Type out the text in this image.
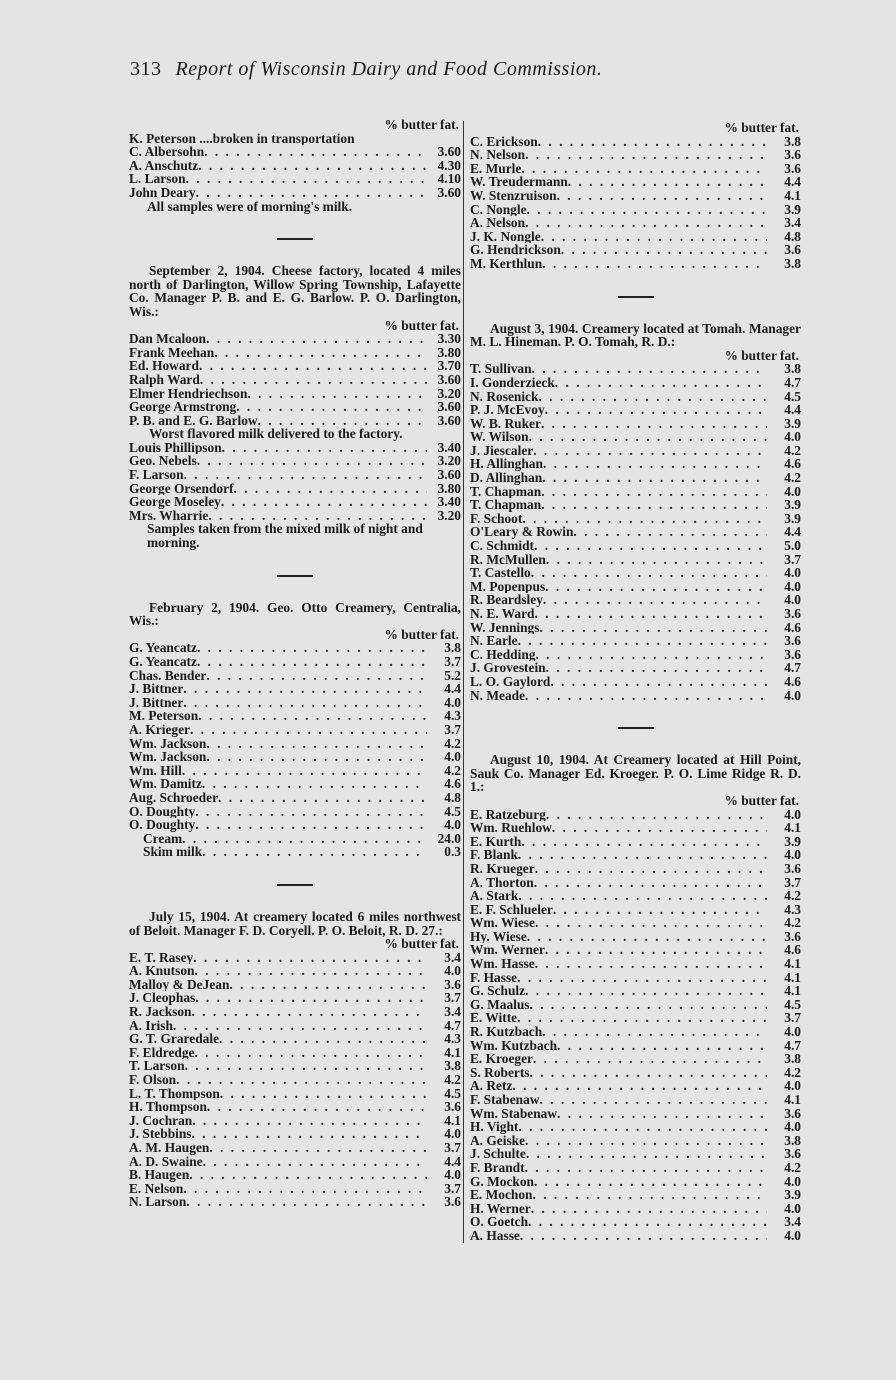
313 Report of Wisconsin Dairy and Food Commission.
% butter fat.
K. Peterson ....broken in transportation
C. Albersohn . . .	3.60
A. Anschutz . . .	4.30
L. Larson . . .	4.10
John Deary . . .	3.60
All samples were of morning's milk.

September 2, 1904. Cheese factory, located 4 miles north of Darlington, Willow Spring Township, Lafayette Co. Manager P. B. and E. G. Barlow. P. O. Darlington, Wis.:

% butter fat.
Dan Mcaloon . . .	3.30
Frank Meehan . . .	3.80
Ed. Howard . . .	3.70
Ralph Ward . . .	3.60
Elmer Hendriechson . . .	3.20
George Armstrong . . .	3.60
P. B. and E. G. Barlow . . .	3.60
Worst flavored milk delivered to the factory.
Louis Phillipson . . .	3.40
Geo. Nebels . . .	3.20
F. Larson . . .	3.60
George Orsendorf . . .	3.80
George Moseley . . .	3.40
Mrs. Wharrie . . .	3.20
Samples taken from the mixed milk of night and morning.

February 2, 1904. Geo. Otto Creamery, Centralia, Wis.:

% butter fat.
G. Yeancatz . . .	3.8
G. Yeancatz . . .	3.7
Chas. Bender . . .	5.2
J. Bittner . . .	4.4
J. Bittner . . .	4.0
M. Peterson . . .	4.3
A. Krieger . . .	3.7
Wm. Jackson . . .	4.2
Wm. Jackson . . .	4.0
Wm. Hill . . .	4.2
Wm. Damitz . . .	4.6
Aug. Schroeder . . .	4.8
O. Doughty . . .	4.5
O. Doughty . . .	4.0
Cream . . .	24.0
Skim milk . . .	0.3

July 15, 1904. At creamery located 6 miles northwest of Beloit. Manager F. D. Coryell. P. O. Beloit, R. D. 27.:

% butter fat.
E. T. Rasey . . .	3.4
A. Knutson . . .	4.0
Malloy & DeJean . . .	3.6
J. Cleophas . . .	3.7
R. Jackson . . .	3.4
A. Irish . . .	4.7
G. T. Graredale . . .	4.3
F. Eldredge . . .	4.1
T. Larson . . .	3.8
F. Olson . . .	4.2
L. T. Thompson . . .	4.5
H. Thompson . . .	3.6
J. Cochran . . .	4.1
J. Stebbins . . .	4.0
A. M. Haugen . . .	3.7
A. D. Swaine . . .	4.4
B. Haugen . . .	4.0
E. Nelson . . .	3.7
N. Larson . . .	3.6
% butter fat.
C. Erickson . . .	3.8
N. Nelson . . .	3.6
E. Murle . . .	3.6
W. Treudermann . . .	4.4
W. Stenzruison . . .	4.1
C. Nongle . . .	3.9
A. Nelson . . .	3.4
J. K. Nongle . . .	4.8
G. Hendrickson . . .	3.6
M. Kerthlun . . .	3.8

August 3, 1904. Creamery located at Tomah. Manager M. L. Hineman. P. O. Tomah, R. D.:

% butter fat.
T. Sullivan . . .	3.8
I. Gonderzieck . . .	4.7
N. Rosenick . . .	4.5
P. J. McEvoy . . .	4.4
W. B. Ruker . . .	3.9
W. Wilson . . .	4.0
J. Jiescaler . . .	4.2
H. Allinghan . . .	4.6
D. Allinghan . . .	4.2
T. Chapman . . .	4.0
T. Chapman . . .	3.9
F. Schoot . . .	3.9
O'Leary & Rowin . . .	4.4
C. Schmidt . . .	5.0
R. McMullen . . .	3.7
T. Castello . . .	4.0
M. Popenpus . . .	4.0
R. Beardsley . . .	4.0
N. E. Ward . . .	3.6
W. Jennings . . .	4.6
N. Earle . . .	3.6
C. Hedding . . .	3.6
J. Grovestein . . .	4.7
L. O. Gaylord . . .	4.6
N. Meade . . .	4.0

August 10, 1904. At Creamery located at Hill Point, Sauk Co. Manager Ed. Kroeger. P. O. Lime Ridge R. D. 1.:

% butter fat.
E. Ratzeburg . . .	4.0
Wm. Ruehlow . . .	4.1
E. Kurth . . .	3.9
F. Blank . . .	4.0
R. Krueger . . .	3.6
A. Thorton . . .	3.7
A. Stark . . .	4.2
E. F. Schlueler . . .	4.3
Wm. Wiese . . .	4.2
Hy. Wiese . . .	3.6
Wm. Werner . . .	4.6
Wm. Hasse . . .	4.1
F. Hasse . . .	4.1
G. Schulz . . .	4.1
G. Maalus . . .	4.5
E. Witte . . .	3.7
R. Kutzbach . . .	4.0
Wm. Kutzbach . . .	4.7
E. Kroeger . . .	3.8
S. Roberts . . .	4.2
A. Retz . . .	4.0
F. Stabenaw . . .	4.1
Wm. Stabenaw . . .	3.6
H. Vight . . .	4.0
A. Geiske . . .	3.8
J. Schulte . . .	3.6
F. Brandt . . .	4.2
G. Mockon . . .	4.0
E. Mochon . . .	3.9
H. Werner . . .	4.0
O. Goetch . . .	3.4
A. Hasse . . .	4.0
